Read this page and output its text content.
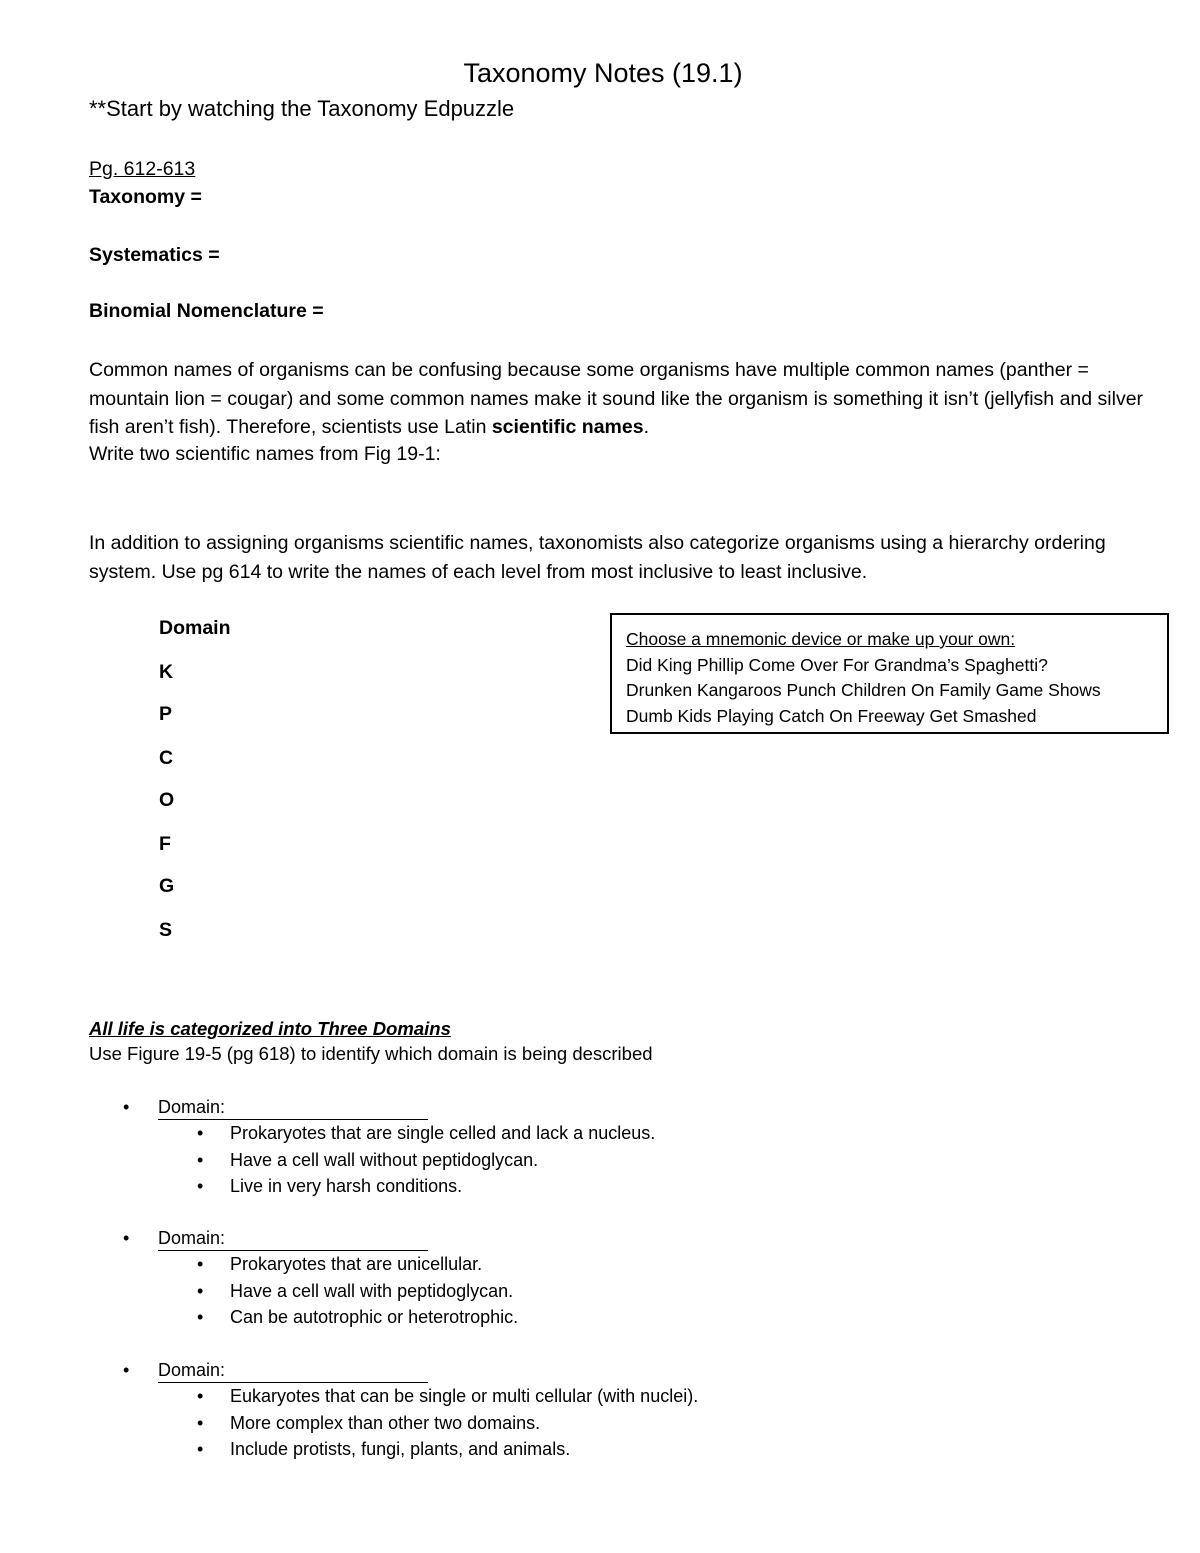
Taxonomy Notes (19.1)
**Start by watching the Taxonomy Edpuzzle
Pg. 612-613
Taxonomy =
Systematics =
Binomial Nomenclature =
Common names of organisms can be confusing because some organisms have multiple common names (panther = mountain lion = cougar) and some common names make it sound like the organism is something it isn’t (jellyfish and silver fish aren’t fish). Therefore, scientists use Latin scientific names.
Write two scientific names from Fig 19-1:
In addition to assigning organisms scientific names, taxonomists also categorize organisms using a hierarchy ordering system. Use pg 614 to write the names of each level from most inclusive to least inclusive.
Domain
K
P
C
O
F
G
S
Choose a mnemonic device or make up your own:
Did King Phillip Come Over For Grandma’s Spaghetti?
Drunken Kangaroos Punch Children On Family Game Shows
Dumb Kids Playing Catch On Freeway Get Smashed
All life is categorized into Three Domains
Use Figure 19-5 (pg 618) to identify which domain is being described
• Domain:
• Prokaryotes that are single celled and lack a nucleus.
• Have a cell wall without peptidoglycan.
• Live in very harsh conditions.
• Domain:
• Prokaryotes that are unicellular.
• Have a cell wall with peptidoglycan.
• Can be autotrophic or heterotrophic.
• Domain:
• Eukaryotes that can be single or multi cellular (with nuclei).
• More complex than other two domains.
• Include protists, fungi, plants, and animals.
